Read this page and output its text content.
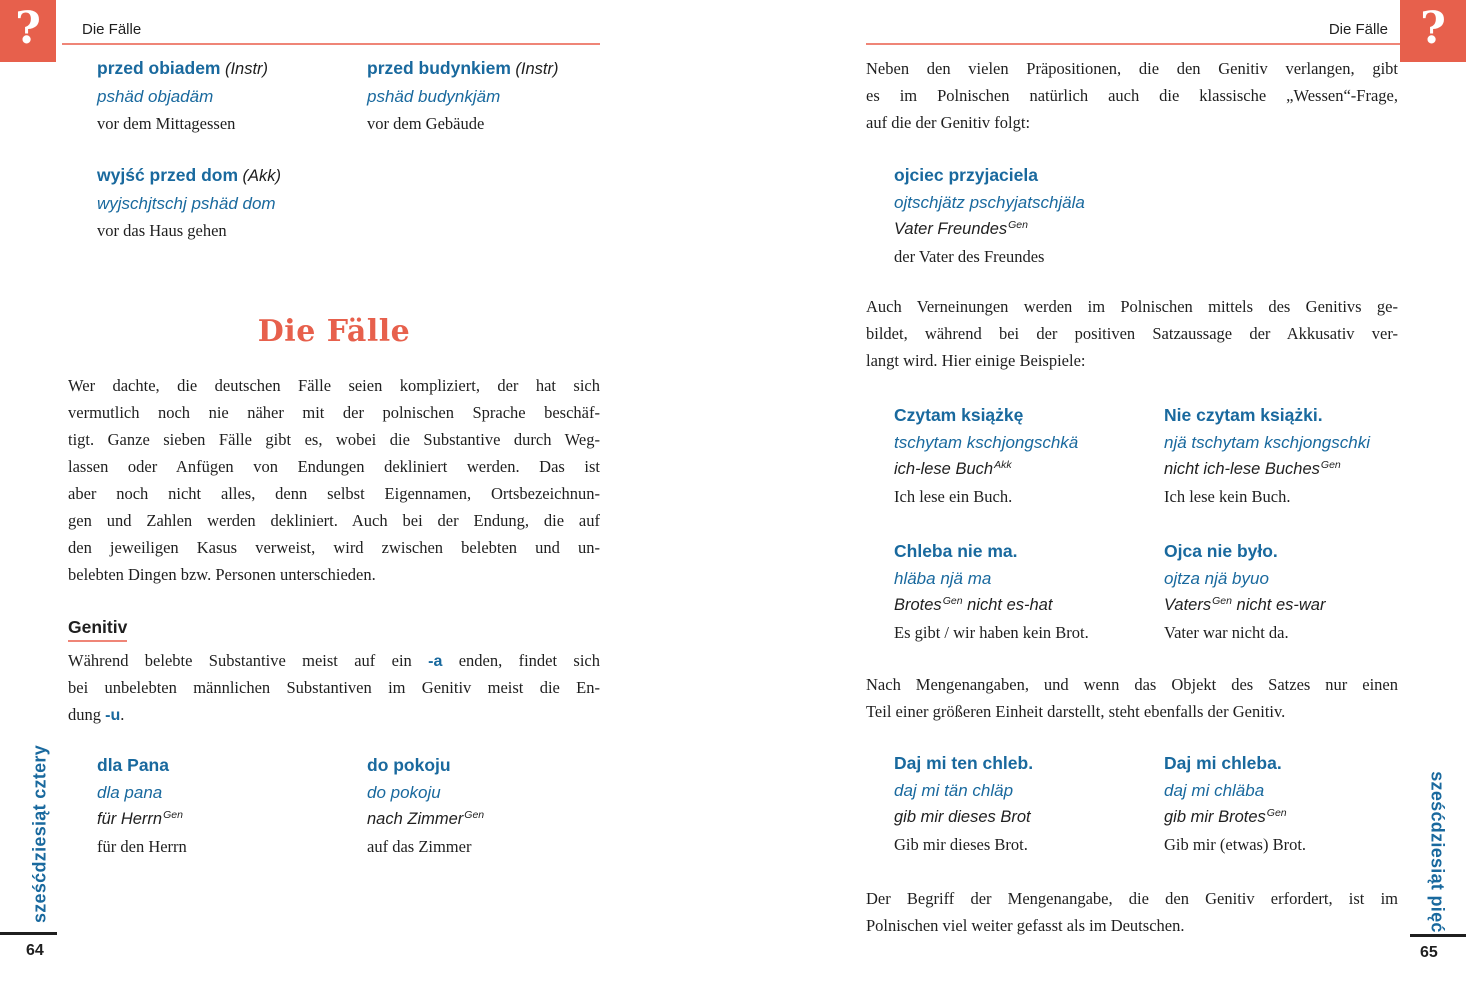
?	?
Die Fälle	Die Fälle
przed obiadem (Instr)
pshäd objadäm
vor dem Mittagessen
przed budynkiem (Instr)
pshäd budynkjäm
vor dem Gebäude
wyjść przed dom (Akk)
wyjschjtschj pshäd dom
vor das Haus gehen
Die Fälle
Wer dachte, die deutschen Fälle seien kompliziert, der hat sich
vermutlich noch nie näher mit der polnischen Sprache beschäf-
tigt. Ganze sieben Fälle gibt es, wobei die Substantive durch Weg-
lassen oder Anfügen von Endungen dekliniert werden. Das ist
aber noch nicht alles, denn selbst Eigennamen, Ortsbezeichnun-
gen und Zahlen werden dekliniert. Auch bei der Endung, die auf
den jeweiligen Kasus verweist, wird zwischen belebten und un-
belebten Dingen bzw. Personen unterschieden.
Genitiv
Während belebte Substantive meist auf ein -a enden, findet sich
bei unbelebten männlichen Substantiven im Genitiv meist die En-
dung -u.
dla Pana
dla pana
für Herrn$^{Gen}$
für den Herrn
do pokoju
do pokoju
nach Zimmer$^{Gen}$
auf das Zimmer
Neben den vielen Präpositionen, die den Genitiv verlangen, gibt
es im Polnischen natürlich auch die klassische „Wessen“-Frage,
auf die der Genitiv folgt:
ojciec przyjaciela
ojtschjätz pschyjatschjäla
Vater Freundes$^{Gen}$
der Vater des Freundes
Auch Verneinungen werden im Polnischen mittels des Genitivs ge-
bildet, während bei der positiven Satzaussage der Akkusativ ver-
langt wird. Hier einige Beispiele:
Czytam książkę
tschytam kschjongschkä
ich-lese Buch$^{Akk}$
Ich lese ein Buch.
Nie czytam książki.
njä tschytam kschjongschki
nicht ich-lese Buches$^{Gen}$
Ich lese kein Buch.
Chleba nie ma.
hläba njä ma
Brotes$^{Gen}$ nicht es-hat
Es gibt / wir haben kein Brot.
Ojca nie było.
ojtza njä byuo
Vaters$^{Gen}$ nicht es-war
Vater war nicht da.
Nach Mengenangaben, und wenn das Objekt des Satzes nur einen
Teil einer größeren Einheit darstellt, steht ebenfalls der Genitiv.
Daj mi ten chleb.
daj mi tän chläp
gib mir dieses Brot
Gib mir dieses Brot.
Daj mi chleba.
daj mi chläba
gib mir Brotes$^{Gen}$
Gib mir (etwas) Brot.
Der Begriff der Mengenangabe, die den Genitiv erfordert, ist im
Polnischen viel weiter gefasst als im Deutschen.
sześćdziesiąt cztery	sześćdziesiąt pięć
64	65
